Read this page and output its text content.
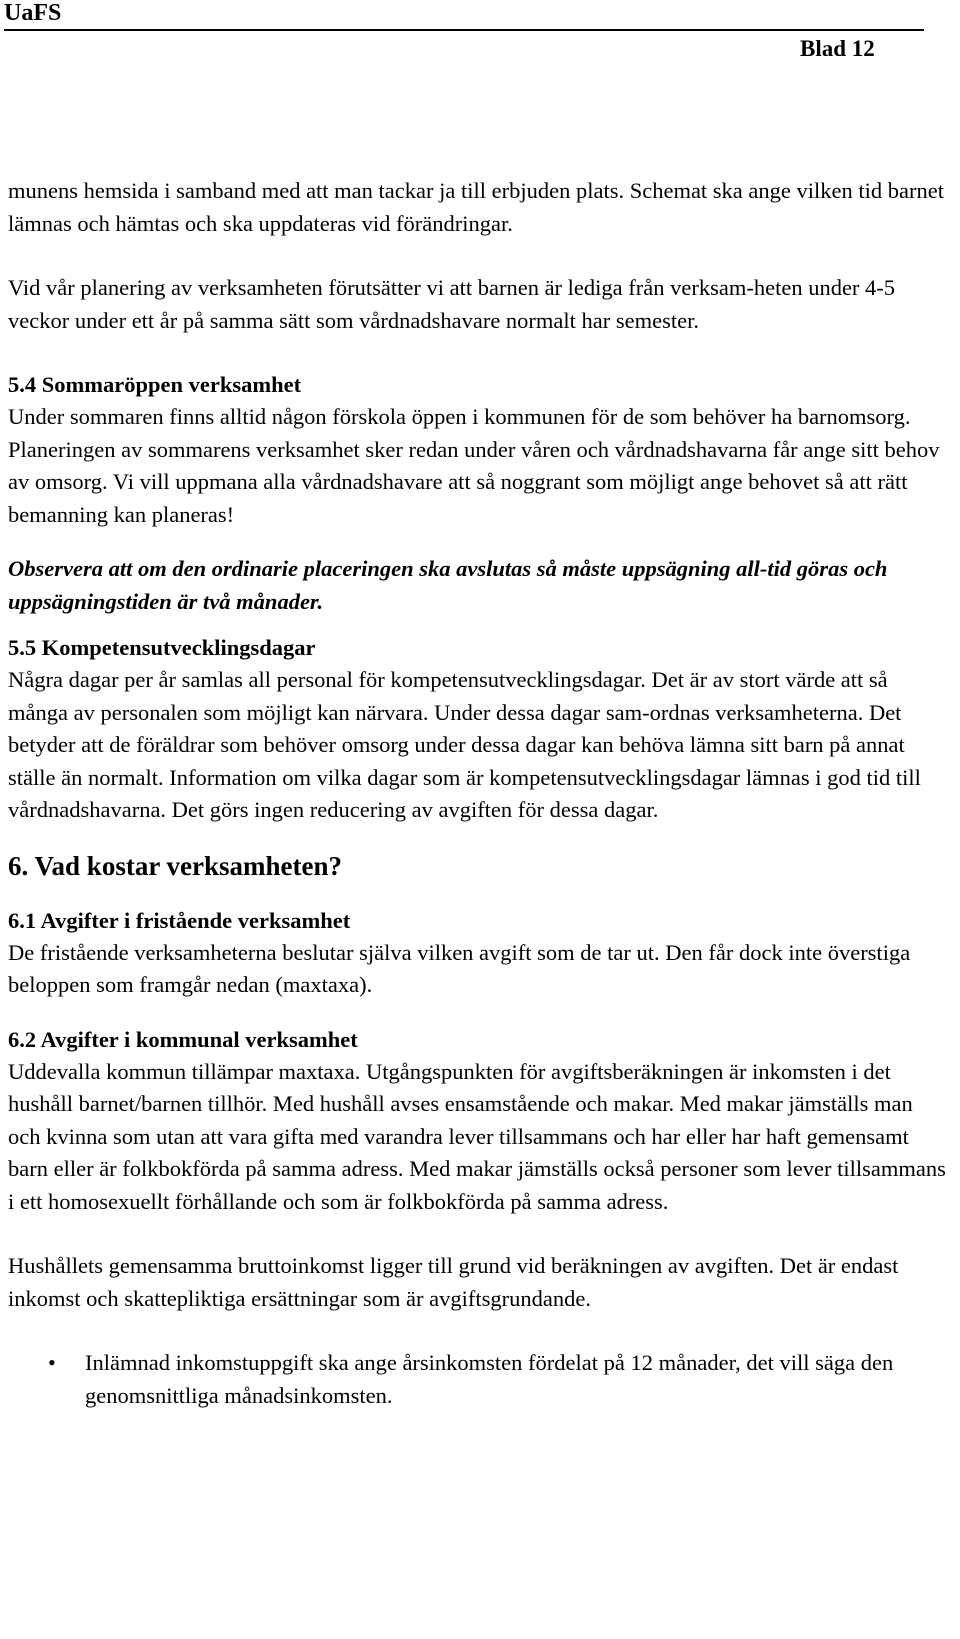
UaFS
Blad 12

munens hemsida i samband med att man tackar ja till erbjuden plats. Schemat ska ange vilken tid barnet lämnas och hämtas och ska uppdateras vid förändringar.

Vid vår planering av verksamheten förutsätter vi att barnen är lediga från verksam-heten under 4-5 veckor under ett år på samma sätt som vårdnadshavare normalt har semester.

5.4 Sommaröppen verksamhet

Under sommaren finns alltid någon förskola öppen i kommunen för de som behöver ha barnomsorg. Planeringen av sommarens verksamhet sker redan under våren och vårdnadshavarna får ange sitt behov av omsorg. Vi vill uppmana alla vårdnadshavare att så noggrant som möjligt ange behovet så att rätt bemanning kan planeras!

Observera att om den ordinarie placeringen ska avslutas så måste uppsägning all-tid göras och uppsägningstiden är två månader.

5.5 Kompetensutvecklingsdagar

Några dagar per år samlas all personal för kompetensutvecklingsdagar. Det är av stort värde att så många av personalen som möjligt kan närvara. Under dessa dagar sam-ordnas verksamheterna. Det betyder att de föräldrar som behöver omsorg under dessa dagar kan behöva lämna sitt barn på annat ställe än normalt. Information om vilka dagar som är kompetensutvecklingsdagar lämnas i god tid till vårdnadshavarna. Det görs ingen reducering av avgiften för dessa dagar.

6. Vad kostar verksamheten?
6.1 Avgifter i fristående verksamhet

De fristående verksamheterna beslutar själva vilken avgift som de tar ut. Den får dock inte överstiga beloppen som framgår nedan (maxtaxa).

6.2 Avgifter i kommunal verksamhet

Uddevalla kommun tillämpar maxtaxa. Utgångspunkten för avgiftsberäkningen är inkomsten i det hushåll barnet/barnen tillhör. Med hushåll avses ensamstående och makar. Med makar jämställs man och kvinna som utan att vara gifta med varandra lever tillsammans och har eller har haft gemensamt barn eller är folkbokförda på samma adress. Med makar jämställs också personer som lever tillsammans i ett homosexuellt förhållande och som är folkbokförda på samma adress.

Hushållets gemensamma bruttoinkomst ligger till grund vid beräkningen av avgiften. Det är endast inkomst och skattepliktiga ersättningar som är avgiftsgrundande.

• Inlämnad inkomstuppgift ska ange årsinkomsten fördelat på 12 månader, det vill säga den genomsnittliga månadsinkomsten.
